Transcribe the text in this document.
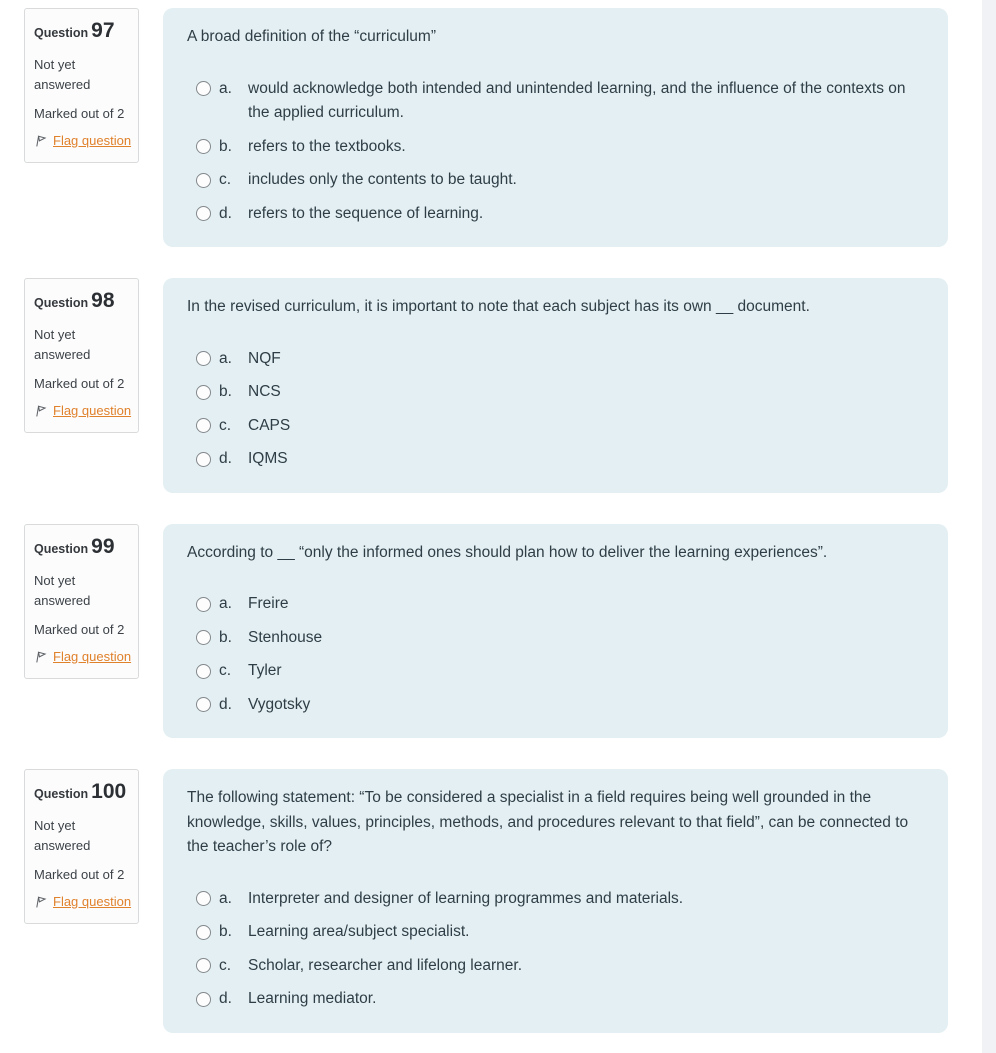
Question 97
Not yet answered
Marked out of 2
Flag question
A broad definition of the “curriculum”
a.	would acknowledge both intended and unintended learning, and the influence of the contexts on the applied curriculum.
b.	refers to the textbooks.
c.	includes only the contents to be taught.
d.	refers to the sequence of learning.
Question 98
Not yet answered
Marked out of 2
Flag question
In the revised curriculum, it is important to note that each subject has its own __ document.
a.	NQF
b.	NCS
c.	CAPS
d.	IQMS
Question 99
Not yet answered
Marked out of 2
Flag question
According to __ “only the informed ones should plan how to deliver the learning experiences”.
a.	Freire
b.	Stenhouse
c.	Tyler
d.	Vygotsky
Question 100
Not yet answered
Marked out of 2
Flag question
The following statement: “To be considered a specialist in a field requires being well grounded in the knowledge, skills, values, principles, methods, and procedures relevant to that field”, can be connected to the teacher’s role of?
a.	Interpreter and designer of learning programmes and materials.
b.	Learning area/subject specialist.
c.	Scholar, researcher and lifelong learner.
d.	Learning mediator.
